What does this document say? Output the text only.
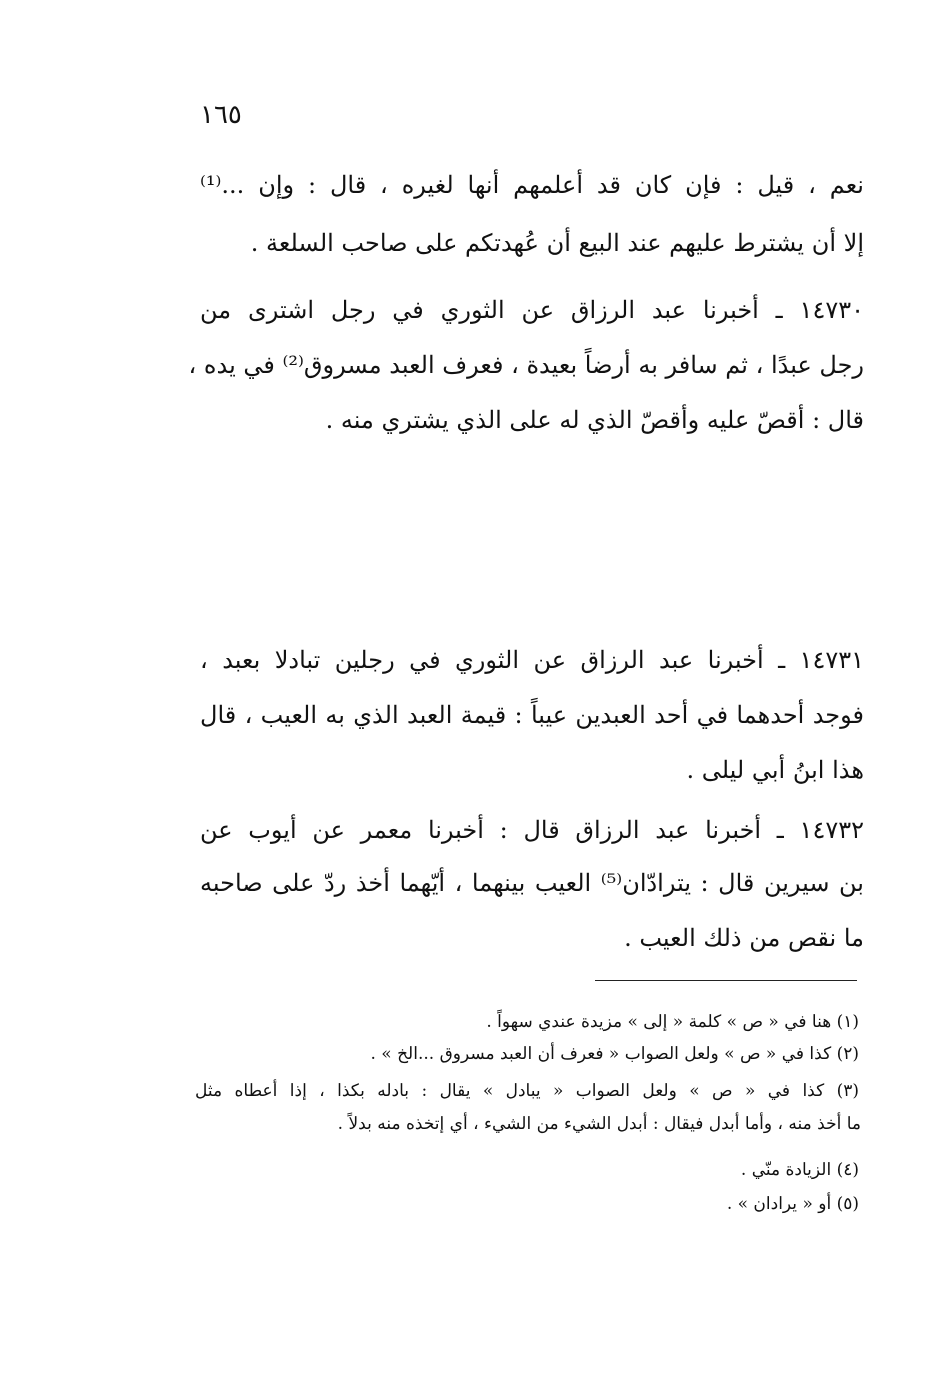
١٦٥
نعم ، قيل : فإن كان قد أعلمهم أنها لغيره ، قال : وإن ...⁽¹⁾
إلا أن يشترط عليهم عند البيع أن عُهدتكم على صاحب السلعة .
١٤٧٣٠ ـ أخبرنا عبد الرزاق عن الثوري في رجل اشترى من
رجل عبدًا ، ثم سافر به أرضاً بعيدة ، فعرف العبد مسروق⁽²⁾ في يده ،
قال : أقصّ عليه وأقصّ الذي له على الذي يشتري منه .
١٤٧٣١ ـ أخبرنا عبد الرزاق عن الثوري في رجلين تبادلا بعبد ،
فوجد أحدهما في أحد العبدين عيباً : قيمة العبد الذي به العيب ، قال
هذا ابنُ أبي ليلى .
١٤٧٣٢ ـ أخبرنا عبد الرزاق قال : أخبرنا معمر عن أيوب عن
بن سيرين قال : يترادّان⁽⁵⁾ العيب بينهما ، أيّهما أخذ ردّ على صاحبه
ما نقص من ذلك العيب .
(١) هنا في « ص » كلمة « إلى » مزيدة عندي سهواً .
(٢) كذا في « ص » ولعل الصواب « فعرف أن العبد مسروق ...الخ » .
(٣) كذا في « ص » ولعل الصواب « يبادل » يقال : بادله بكذا ، إذا أعطاه مثل
ما أخذ منه ، وأما أبدل فيقال : أبدل الشيء من الشيء ، أي إتخذه منه بدلاً .
(٤) الزيادة منّي .
(٥) أو « يرادان » .
